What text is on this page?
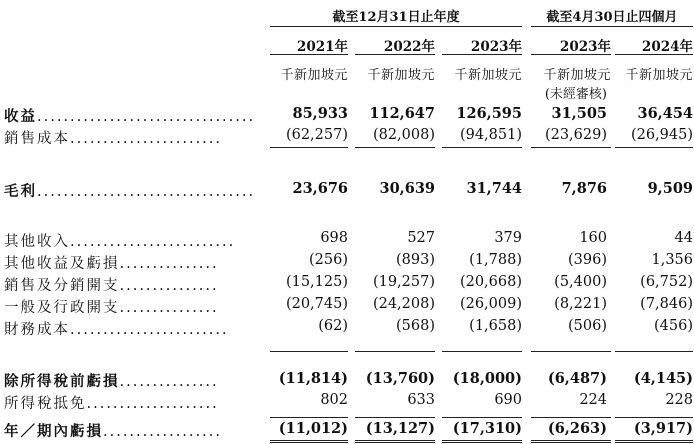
截至12月31日止年度	截至4月30日止四個月
2021年	2022年	2023年	2023年	2024年
千新加坡元	千新加坡元	千新加坡元	千新加坡元	千新加坡元
(未經審核)
收益.................................	85,933	112,647	126,595	31,505	36,454
銷售成本.......................	(62,257)	(82,008)	(94,851)	(23,629)	(26,945)
毛利.................................	23,676	30,639	31,744	7,876	9,509
其他收入.........................	698	527	379	160	44
其他收益及虧損...............	(256)	(893)	(1,788)	(396)	1,356
銷售及分銷開支...............	(15,125)	(19,257)	(20,668)	(5,400)	(6,752)
一般及行政開支...............	(20,745)	(24,208)	(26,009)	(8,221)	(7,846)
財務成本........................	(62)	(568)	(1,658)	(506)	(456)
除所得稅前虧損...............	(11,814)	(13,760)	(18,000)	(6,487)	(4,145)
所得稅抵免....................	802	633	690	224	228
年／期內虧損..................	(11,012)	(13,127)	(17,310)	(6,263)	(3,917)
